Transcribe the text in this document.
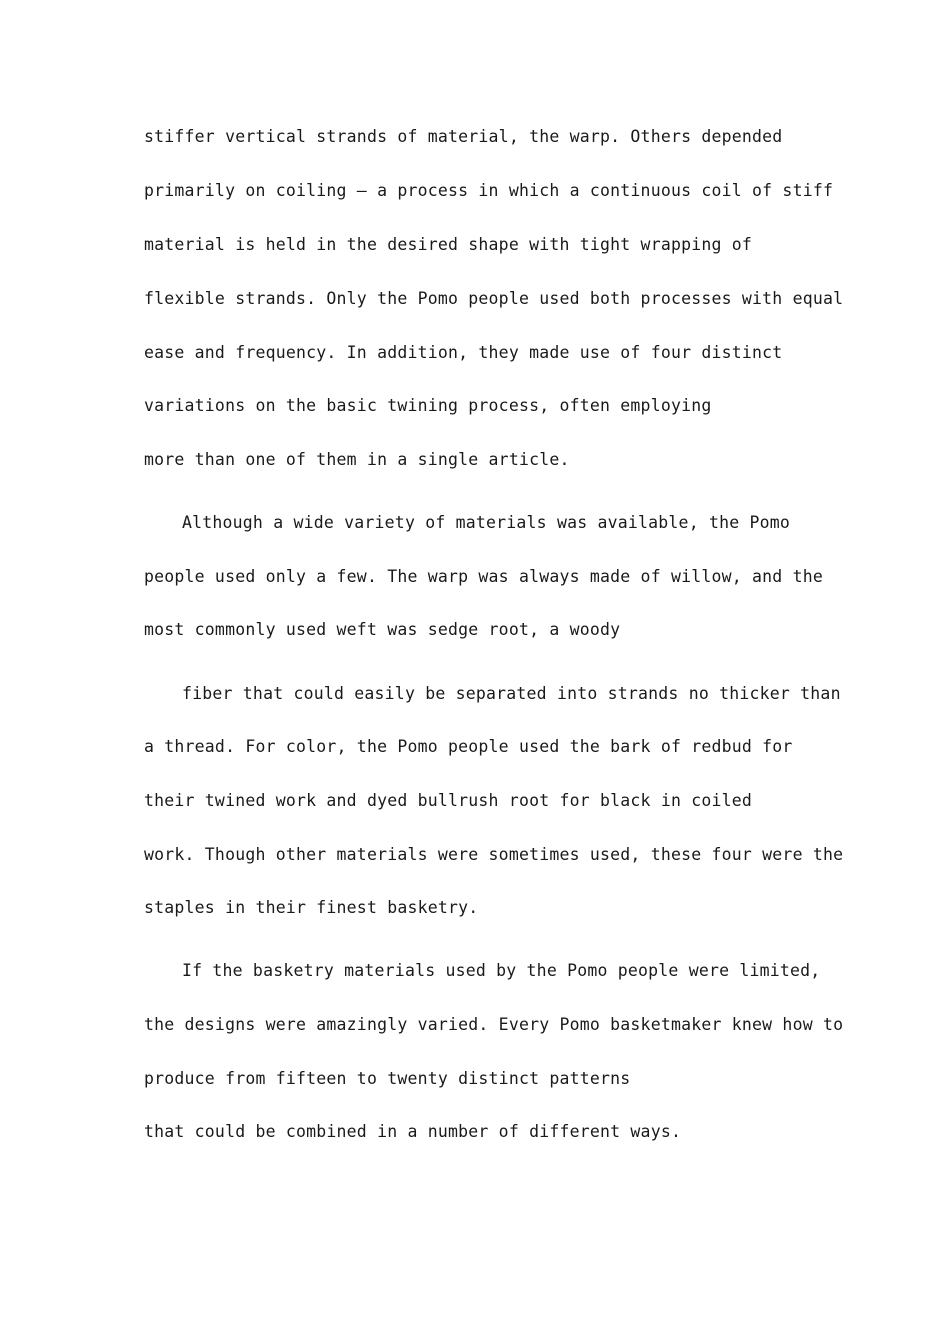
stiffer vertical strands of material, the warp. Others depended
primarily on coiling — a process in which a continuous coil of stiff
material is held in the desired shape with tight wrapping of
flexible strands. Only the Pomo people used both processes with equal
ease and frequency. In addition, they made use of four distinct
variations on the basic twining process, often employing
more than one of them in a single article.
Although a wide variety of materials was available, the Pomo
people used only a few. The warp was always made of willow, and the
most commonly used weft was sedge root, a woody
fiber that could easily be separated into strands no thicker than
a thread. For color, the Pomo people used the bark of redbud for
their twined work and dyed bullrush root for black in coiled
work. Though other materials were sometimes used, these four were the
staples in their finest basketry.
If the basketry materials used by the Pomo people were limited,
the designs were amazingly varied. Every Pomo basketmaker knew how to
produce from fifteen to twenty distinct patterns
that could be combined in a number of different ways.
